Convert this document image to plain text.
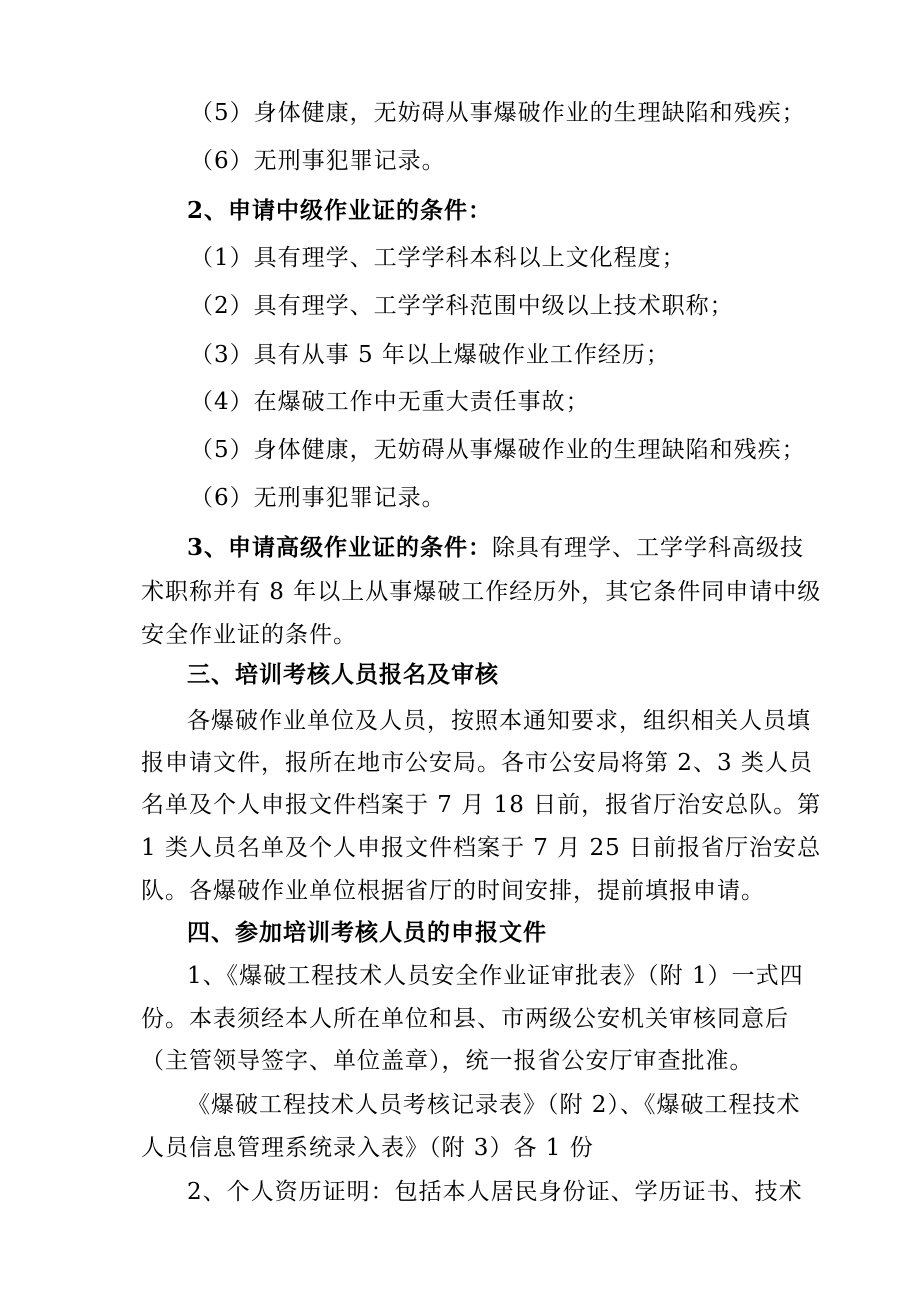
（5）身体健康，无妨碍从事爆破作业的生理缺陷和残疾；
（6）无刑事犯罪记录。
2、申请中级作业证的条件：
（1）具有理学、工学学科本科以上文化程度；
（2）具有理学、工学学科范围中级以上技术职称；
（3）具有从事 5 年以上爆破作业工作经历；
（4）在爆破工作中无重大责任事故；
（5）身体健康，无妨碍从事爆破作业的生理缺陷和残疾；
（6）无刑事犯罪记录。
3、申请高级作业证的条件：除具有理学、工学学科高级技
术职称并有 8 年以上从事爆破工作经历外，其它条件同申请中级
安全作业证的条件。
三、培训考核人员报名及审核
各爆破作业单位及人员，按照本通知要求，组织相关人员填
报申请文件，报所在地市公安局。各市公安局将第 2、3 类人员
名单及个人申报文件档案于 7 月 18 日前，报省厅治安总队。第
1 类人员名单及个人申报文件档案于 7 月 25 日前报省厅治安总
队。各爆破作业单位根据省厅的时间安排，提前填报申请。
四、参加培训考核人员的申报文件
1、《爆破工程技术人员安全作业证审批表》（附 1）一式四
份。本表须经本人所在单位和县、市两级公安机关审核同意后
（主管领导签字、单位盖章），统一报省公安厅审查批准。
《爆破工程技术人员考核记录表》（附 2）、《爆破工程技术
人员信息管理系统录入表》（附 3）各 1 份
2、个人资历证明：包括本人居民身份证、学历证书、技术
